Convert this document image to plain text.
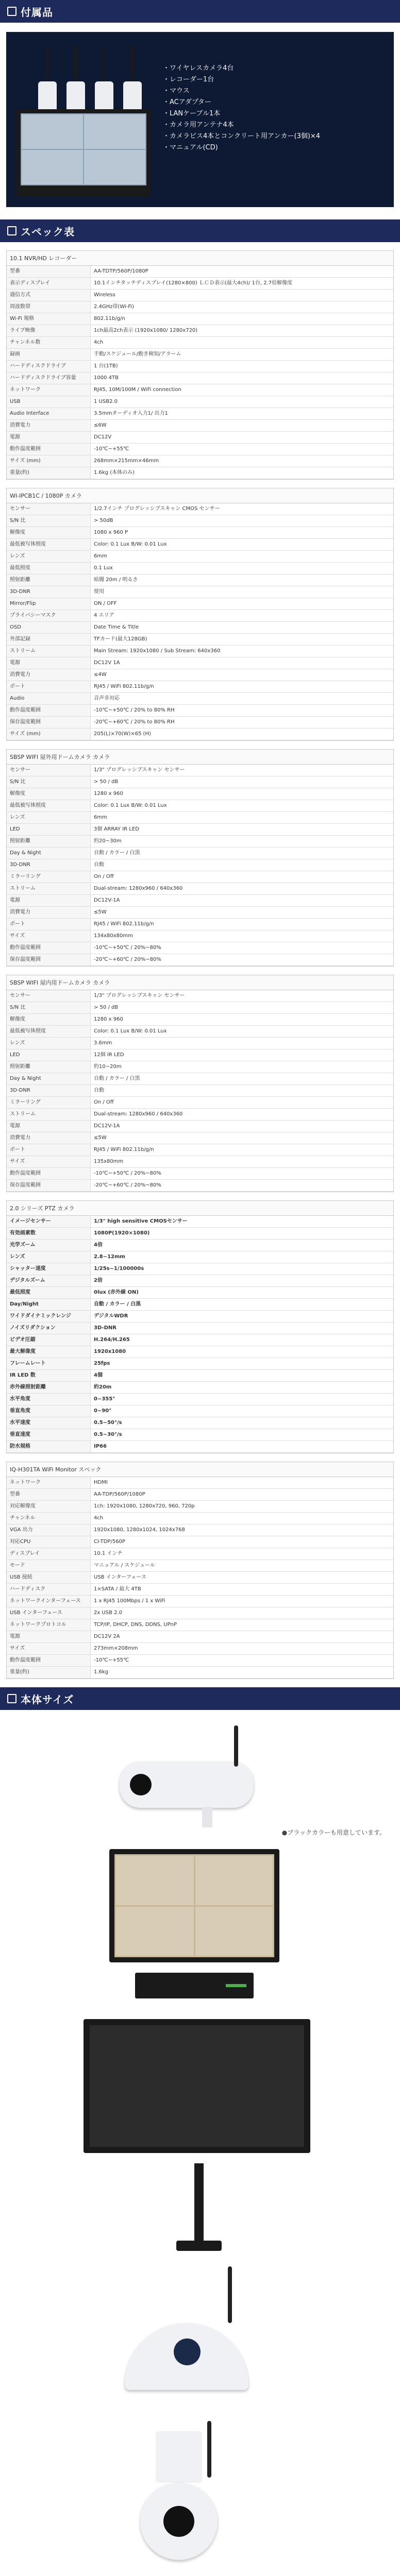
付属品
・ワイヤレスカメラ4台
・レコーダー1台
・マウス
・ACアダプター
・LANケーブル1本
・カメラ用アンテナ4本
・カメラビス4本とコンクリート用アンカー(3個)×4
・マニュアル(CD)
スペック表
10.1 NVR/HD レコーダー
型番	AA-TDTP/560P/1080P
表示ディスプレイ	10.1インチタッチディスプレイ(1280×800) ＬＣＤ表示(最大4ch)/ 1台, 2.7倍解像度
通信方式	Wireless
周波数帯	2.4GHz帯(Wi-Fi)
Wi-Fi 規格	802.11b/g/n
ライブ映像	1ch最高2ch表示 (1920x1080/ 1280x720)
チャンネル数	4ch
録画	手動/スケジュール/動き検知/アラーム
ハードディスクドライブ	1 台(1TB)
ハードディスクドライブ容量	1000 4TB
ネットワーク	RJ45, 10M/100M / WiFi connection
USB	1 USB2.0
Audio Interface	3.5mmオーディオ入力1/ 出力1
消費電力	≤6W
電源	DC12V
動作温度範囲	-10℃~+55℃
サイズ (mm)	268mm×215mm×46mm
重量(約)	1.6kg (本体のみ)
WI-IPCB1C / 1080P カメラ
センサー	1/2.7インチ プログレッシブスキャン CMOS センサー
S/N 比	> 50dB
解像度	1080 x 960 P
最低被写体照度	Color: 0.1 Lux B/W: 0.01 Lux
レンズ	6mm
最低照度	0.1 Lux
照射距離	暗闇 20m / 明るさ
3D-DNR	使用
Mirror/Flip	ON / OFF
プライバシーマスク	4 エリア
OSD	Date Time & Title
外部記録	TFカード(最大128GB)
ストリーム	Main Stream: 1920x1080 / Sub Stream: 640x360
電源	DC12V 1A
消費電力	≤4W
ポート	RJ45 / WiFi 802.11b/g/n
Audio	音声非対応
動作温度範囲	-10℃~+50℃ / 20% to 80% RH
保存温度範囲	-20℃~+60℃ / 20% to 80% RH
サイズ (mm)	205(L)×70(W)×65 (H)
SBSP WIFI 屋外用ドームカメラ カメラ
センサー	1/3" プログレッシブスキャン センサー
S/N 比	> 50 / dB
解像度	1280 x 960
最低被写体照度	Color: 0.1 Lux B/W: 0.01 Lux
レンズ	6mm
LED	3個 ARRAY IR LED
照射距離	約20~30m
Day & Night	自動 / カラー / 白黒
3D-DNR	自動
ミラーリング	On / Off
ストリーム	Dual-stream: 1280x960 / 640x360
電源	DC12V-1A
消費電力	≤5W
ポート	RJ45 / WiFi 802.11b/g/n
サイズ	134x80x80mm
動作温度範囲	-10℃~+50℃ / 20%~80%
保存温度範囲	-20℃~+60℃ / 20%~80%
SBSP WIFI 屋内用ドームカメラ カメラ
センサー	1/3" プログレッシブスキャン センサー
S/N 比	> 50 / dB
解像度	1280 x 960
最低被写体照度	Color: 0.1 Lux B/W: 0.01 Lux
レンズ	3.6mm
LED	12個 IR LED
照射距離	約10~20m
Day & Night	自動 / カラー / 白黒
3D-DNR	自動
ミラーリング	On / Off
ストリーム	Dual-stream: 1280x960 / 640x360
電源	DC12V-1A
消費電力	≤5W
ポート	RJ45 / WiFi 802.11b/g/n
サイズ	135x80mm
動作温度範囲	-10℃~+50℃ / 20%~80%
保存温度範囲	-20℃~+60℃ / 20%~80%
2.0 シリーズ PTZ カメラ
イメージセンサー	1/3" high sensitive CMOSセンサー
有効画素数	1080P(1920×1080)
光学ズーム	4倍
レンズ	2.8~12mm
シャッター速度	1/25s~1/100000s
デジタルズーム	2倍
最低照度	0lux (赤外線 ON)
Day/Night	自動 / カラー / 白黒
ワイドダイナミックレンジ	デジタルWDR
ノイズリダクション	3D-DNR
ビデオ圧縮	H.264/H.265
最大解像度	1920x1080
フレームレート	25fps
IR LED 数	4個
赤外線照射距離	約20m
水平角度	0~355°
垂直角度	0~90°
水平速度	0.5~50°/s
垂直速度	0.5~30°/s
防水規格	IP66
IQ-H301TA WiFi Monitor スペック
ネットワーク	HDMI
型番	AA-TDP/560P/1080P
対応解像度	1ch: 1920x1080, 1280x720, 960, 720p
チャンネル	4ch
VGA 出力	1920x1080, 1280x1024, 1024x768
対応CPU	CI-TDP/560P
ディスプレイ	10.1 インチ
モード	マニュアル / スケジュール
USB 接続	USB インターフェース
ハードディスク	1×SATA / 最大 4TB
ネットワークインターフェース	1 x RJ45 100Mbps / 1 x WiFi
USB インターフェース	2x USB 2.0
ネットワークプロトコル	TCP/IP, DHCP, DNS, DDNS, UPnP
電源	DC12V 2A
サイズ	273mm×208mm
動作温度範囲	-10℃~+55℃
重量(約)	1.6kg
本体サイズ
●ブラックカラーも用意しています。
